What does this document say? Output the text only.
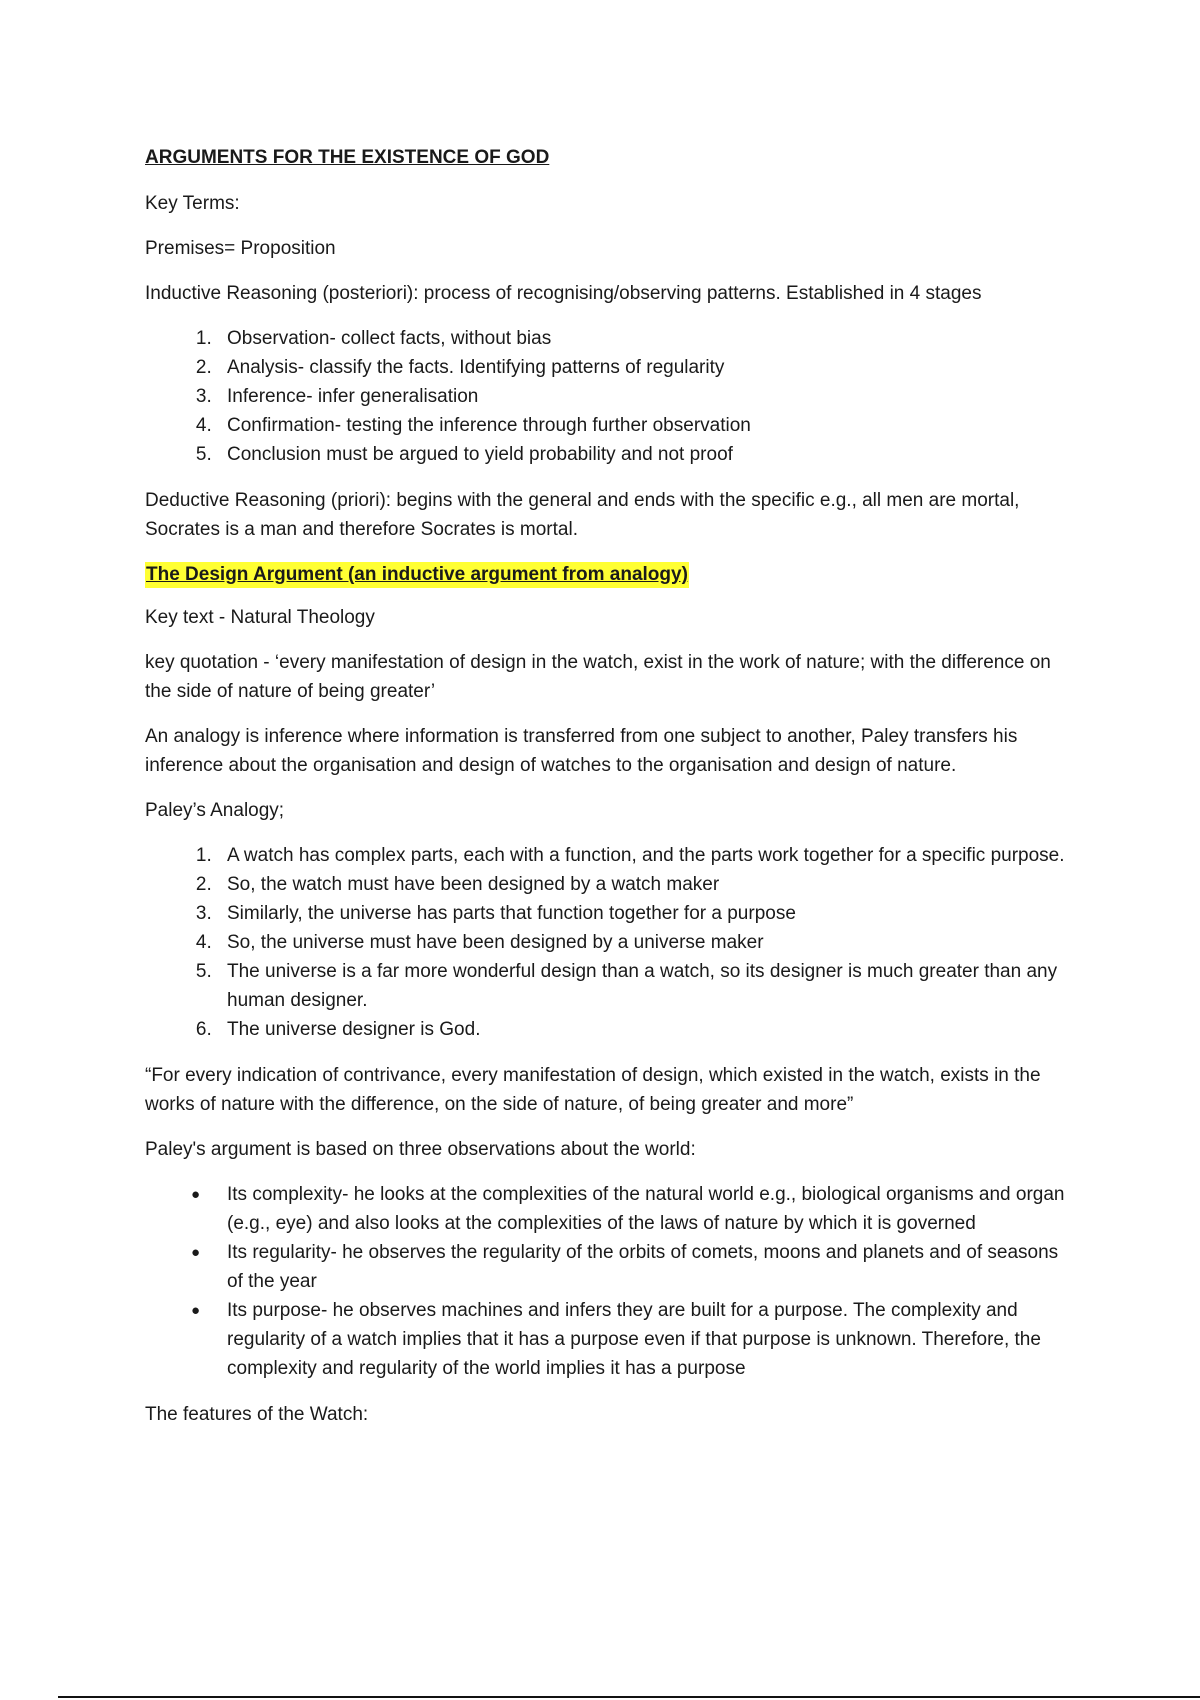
ARGUMENTS FOR THE EXISTENCE OF GOD

Key Terms:

Premises= Proposition

Inductive Reasoning (posteriori): process of recognising/observing patterns. Established in 4 stages

1. Observation- collect facts, without bias
2. Analysis- classify the facts. Identifying patterns of regularity
3. Inference- infer generalisation
4. Confirmation- testing the inference through further observation
5. Conclusion must be argued to yield probability and not proof

Deductive Reasoning (priori): begins with the general and ends with the specific e.g., all men are mortal, Socrates is a man and therefore Socrates is mortal.

The Design Argument (an inductive argument from analogy)

Key text - Natural Theology

key quotation - ‘every manifestation of design in the watch, exist in the work of nature; with the difference on the side of nature of being greater’

An analogy is inference where information is transferred from one subject to another, Paley transfers his inference about the organisation and design of watches to the organisation and design of nature.

Paley’s Analogy;

1. A watch has complex parts, each with a function, and the parts work together for a specific purpose.
2. So, the watch must have been designed by a watch maker
3. Similarly, the universe has parts that function together for a purpose
4. So, the universe must have been designed by a universe maker
5. The universe is a far more wonderful design than a watch, so its designer is much greater than any human designer.
6. The universe designer is God.

“For every indication of contrivance, every manifestation of design, which existed in the watch, exists in the works of nature with the difference, on the side of nature, of being greater and more”

Paley's argument is based on three observations about the world:

● Its complexity- he looks at the complexities of the natural world e.g., biological organisms and organ (e.g., eye) and also looks at the complexities of the laws of nature by which it is governed
● Its regularity- he observes the regularity of the orbits of comets, moons and planets and of seasons of the year
● Its purpose- he observes machines and infers they are built for a purpose. The complexity and regularity of a watch implies that it has a purpose even if that purpose is unknown. Therefore, the complexity and regularity of the world implies it has a purpose

The features of the Watch:
